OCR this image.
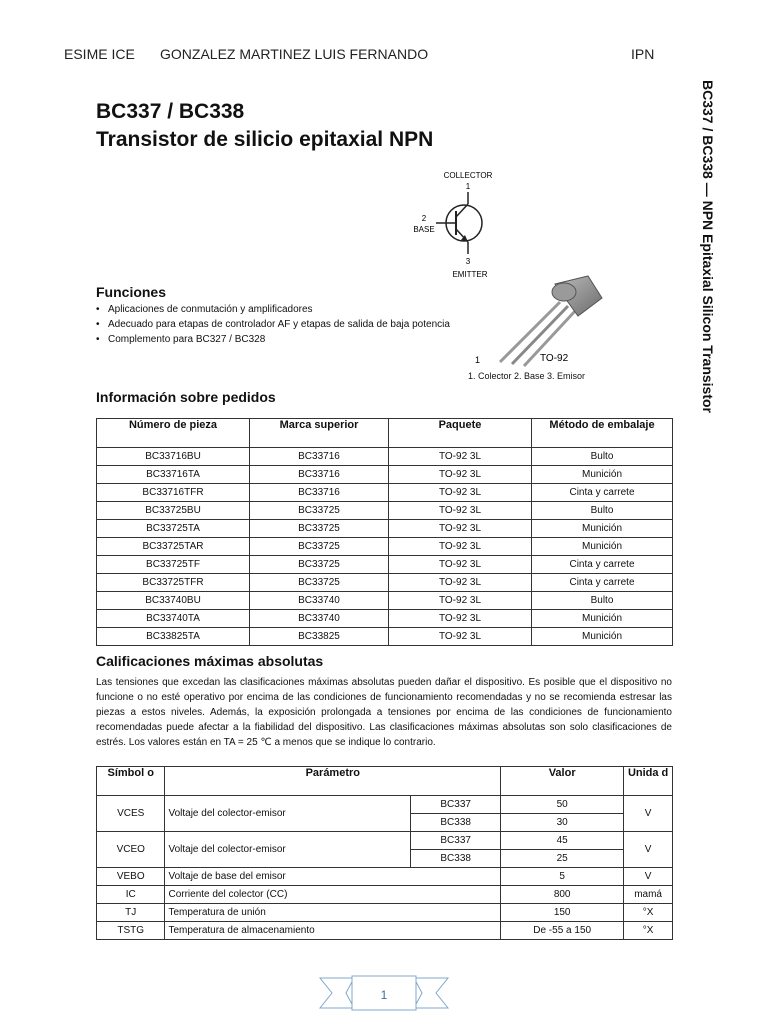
ESIME ICE GONZALEZ MARTINEZ LUIS FERNANDO	IPN
BC337 / BC338 — NPN Epitaxial Silicon Transistor
BC337 / BC338
Transistor de silicio epitaxial NPN
COLLECTOR
1
2
BASE
3
EMITTER
1	TO-92
1. Colector 2. Base 3. Emisor
Funciones
• Aplicaciones de conmutación y amplificadores
• Adecuado para etapas de controlador AF y etapas de salida de baja potencia
• Complemento para BC327 / BC328
Información sobre pedidos
Número de pieza	Marca superior	Paquete	Método de embalaje
BC33716BU	BC33716	TO-92 3L	Bulto
BC33716TA	BC33716	TO-92 3L	Munición
BC33716TFR	BC33716	TO-92 3L	Cinta y carrete
BC33725BU	BC33725	TO-92 3L	Bulto
BC33725TA	BC33725	TO-92 3L	Munición
BC33725TAR	BC33725	TO-92 3L	Munición
BC33725TF	BC33725	TO-92 3L	Cinta y carrete
BC33725TFR	BC33725	TO-92 3L	Cinta y carrete
BC33740BU	BC33740	TO-92 3L	Bulto
BC33740TA	BC33740	TO-92 3L	Munición
BC33825TA	BC33825	TO-92 3L	Munición
Calificaciones máximas absolutas
Las tensiones que excedan las clasificaciones máximas absolutas pueden dañar el dispositivo. Es posible que el dispositivo no funcione o no esté operativo por encima de las condiciones de funcionamiento recomendadas y no se recomienda estresar las piezas a estos niveles. Además, la exposición prolongada a tensiones por encima de las condiciones de funcionamiento recomendadas puede afectar a la fiabilidad del dispositivo. Las clasificaciones máximas absolutas son solo clasificaciones de estrés. Los valores están en TA = 25 ℃ a menos que se indique lo contrario.
Símbol o	Parámetro		Valor	Unida d
VCES	Voltaje del colector-emisor	BC337	50	V
		BC338	30	
VCEO	Voltaje del colector-emisor	BC337	45	V
		BC338	25	
VEBO	Voltaje de base del emisor		5	V
IC	Corriente del colector (CC)		800	mamá
TJ	Temperatura de unión		150	°X
TSTG	Temperatura de almacenamiento		De -55 a 150	°X
1
